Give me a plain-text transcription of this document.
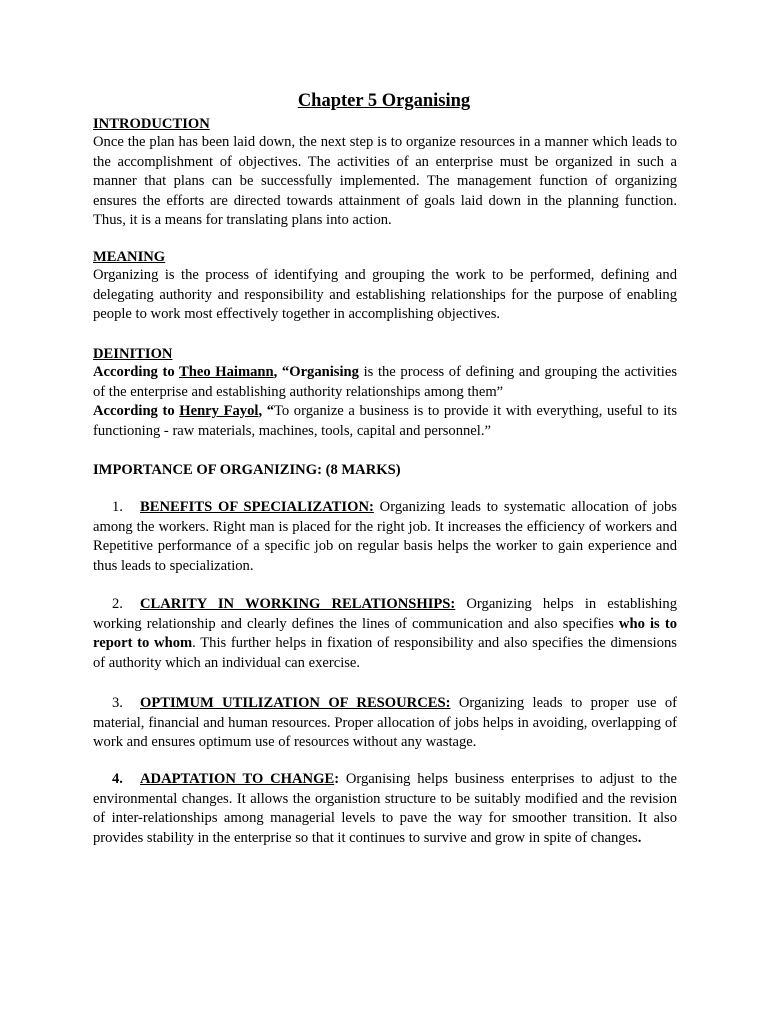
Chapter 5 Organising

INTRODUCTION

Once the plan has been laid down, the next step is to organize resources in a manner which leads to the accomplishment of objectives. The activities of an enterprise must be organized in such a manner that plans can be successfully implemented. The management function of organizing ensures the efforts are directed towards attainment of goals laid down in the planning function. Thus, it is a means for translating plans into action.

MEANING

Organizing is the process of identifying and grouping the work to be performed, defining and delegating authority and responsibility and establishing relationships for the purpose of enabling people to work most effectively together in accomplishing objectives.

DEINITION

According to Theo Haimann, “Organising is the process of defining and grouping the activities of the enterprise and establishing authority relationships among them”

According to Henry Fayol, “To organize a business is to provide it with everything, useful to its functioning - raw materials, machines, tools, capital and personnel.”

IMPORTANCE OF ORGANIZING: (8 MARKS)

1. BENEFITS OF SPECIALIZATION: Organizing leads to systematic allocation of jobs among the workers. Right man is placed for the right job. It increases the efficiency of workers and Repetitive performance of a specific job on regular basis helps the worker to gain experience and thus leads to specialization.

2. CLARITY IN WORKING RELATIONSHIPS: Organizing helps in establishing working relationship and clearly defines the lines of communication and also specifies who is to report to whom. This further helps in fixation of responsibility and also specifies the dimensions of authority which an individual can exercise.

3. OPTIMUM UTILIZATION OF RESOURCES: Organizing leads to proper use of material, financial and human resources. Proper allocation of jobs helps in avoiding, overlapping of work and ensures optimum use of resources without any wastage.

4. ADAPTATION TO CHANGE: Organising helps business enterprises to adjust to the environmental changes. It allows the organistion structure to be suitably modified and the revision of inter-relationships among managerial levels to pave the way for smoother transition. It also provides stability in the enterprise so that it continues to survive and grow in spite of changes.
